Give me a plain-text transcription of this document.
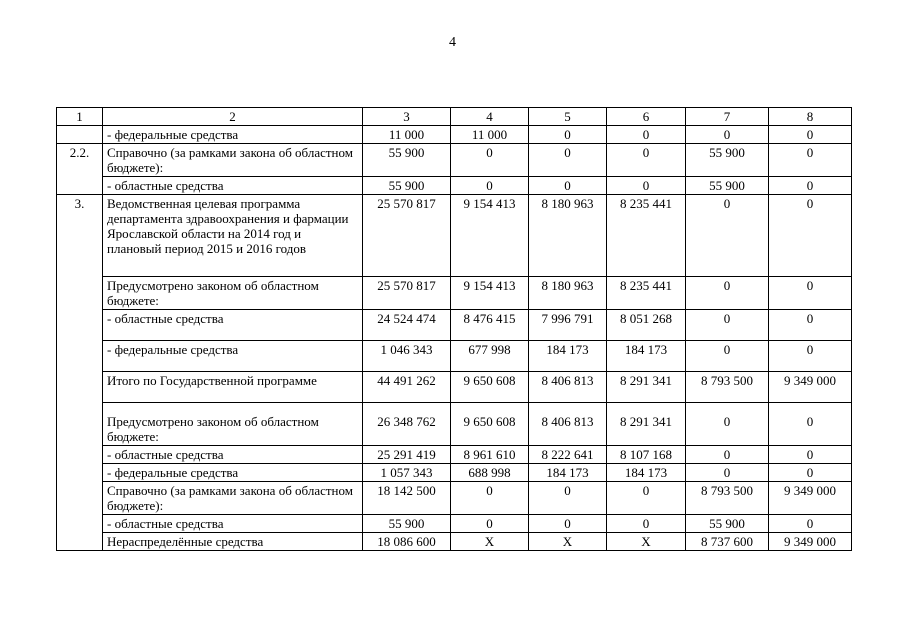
4
1	2	3	4	5	6	7	8
	- федеральные средства	11 000	11 000	0	0	0	0
2.2.	Справочно (за рамками закона об областном бюджете):	55 900	0	0	0	55 900	0
	- областные средства	55 900	0	0	0	55 900	0
3.	Ведомственная целевая программа департамента здравоохранения и фармации Ярославской области на 2014 год и плановый период 2015 и 2016 годов	25 570 817	9 154 413	8 180 963	8 235 441	0	0
	Предусмотрено законом об областном бюджете:	25 570 817	9 154 413	8 180 963	8 235 441	0	0
	- областные средства	24 524 474	8 476 415	7 996 791	8 051 268	0	0
	- федеральные средства	1 046 343	677 998	184 173	184 173	0	0
	Итого по Государственной программе	44 491 262	9 650 608	8 406 813	8 291 341	8 793 500	9 349 000
	Предусмотрено законом об областном бюджете:	26 348 762	9 650 608	8 406 813	8 291 341	0	0
	- областные средства	25 291 419	8 961 610	8 222 641	8 107 168	0	0
	- федеральные средства	1 057 343	688 998	184 173	184 173	0	0
	Справочно (за рамками закона об областном бюджете):	18 142 500	0	0	0	8 793 500	9 349 000
	- областные средства	55 900	0	0	0	55 900	0
	Нераспределённые средства	18 086 600	Х	Х	Х	8 737 600	9 349 000
